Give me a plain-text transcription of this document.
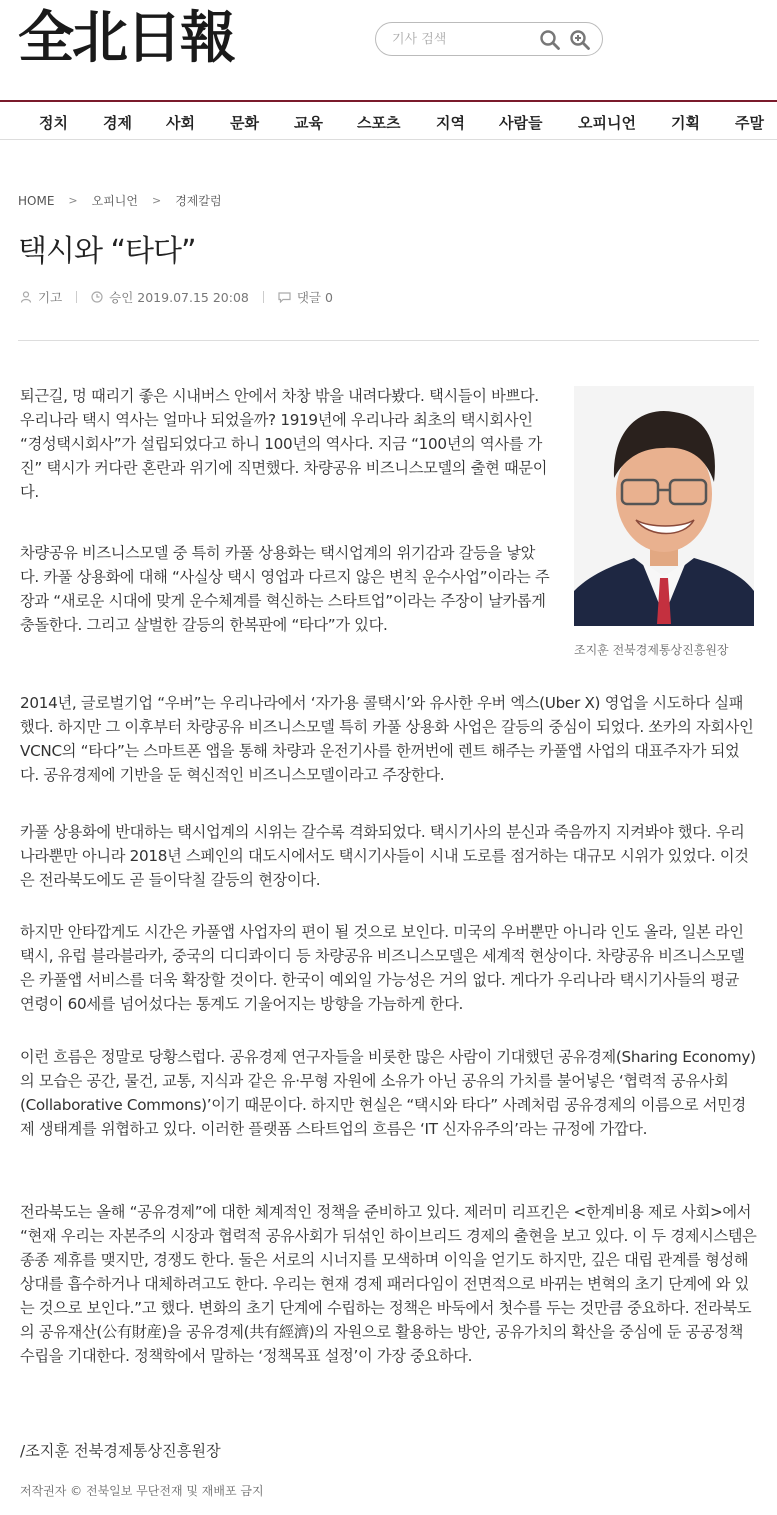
全北日報
기사 검색
정치 경제 사회 문화 교육 스포츠 지역 사람들 오피니언 기획 주말
HOME > 오피니언 > 경제칼럼
택시와 “타다”
기고	승인 2019.07.15 20:08	댓글 0
조지훈 전북경제통상진흥원장

퇴근길, 멍 때리기 좋은 시내버스 안에서 차창 밖을 내려다봤다. 택시들이 바쁘다. 우리나라 택시 역사는 얼마나 되었을까? 1919년에 우리나라 최초의 택시회사인 “경성택시회사”가 설립되었다고 하니 100년의 역사다. 지금 “100년의 역사를 가진” 택시가 커다란 혼란과 위기에 직면했다. 차량공유 비즈니스모델의 출현 때문이다.

차량공유 비즈니스모델 중 특히 카풀 상용화는 택시업계의 위기감과 갈등을 낳았다. 카풀 상용화에 대해 “사실상 택시 영업과 다르지 않은 변칙 운수사업”이라는 주장과 “새로운 시대에 맞게 운수체계를 혁신하는 스타트업”이라는 주장이 날카롭게 충돌한다. 그리고 살벌한 갈등의 한복판에 “타다”가 있다.

2014년, 글로벌기업 “우버”는 우리나라에서 ‘자가용 콜택시’와 유사한 우버 엑스(Uber X) 영업을 시도하다 실패했다. 하지만 그 이후부터 차량공유 비즈니스모델 특히 카풀 상용화 사업은 갈등의 중심이 되었다. 쏘카의 자회사인 VCNC의 “타다”는 스마트폰 앱을 통해 차량과 운전기사를 한꺼번에 렌트 해주는 카풀앱 사업의 대표주자가 되었다. 공유경제에 기반을 둔 혁신적인 비즈니스모델이라고 주장한다.

카풀 상용화에 반대하는 택시업계의 시위는 갈수록 격화되었다. 택시기사의 분신과 죽음까지 지켜봐야 했다. 우리나라뿐만 아니라 2018년 스페인의 대도시에서도 택시기사들이 시내 도로를 점거하는 대규모 시위가 있었다. 이것은 전라북도에도 곧 들이닥칠 갈등의 현장이다.

하지만 안타깝게도 시간은 카풀앱 사업자의 편이 될 것으로 보인다. 미국의 우버뿐만 아니라 인도 올라, 일본 라인택시, 유럽 블라블라카, 중국의 디디콰이디 등 차량공유 비즈니스모델은 세계적 현상이다. 차량공유 비즈니스모델은 카풀앱 서비스를 더욱 확장할 것이다. 한국이 예외일 가능성은 거의 없다. 게다가 우리나라 택시기사들의 평균 연령이 60세를 넘어섰다는 통계도 기울어지는 방향을 가늠하게 한다.

이런 흐름은 정말로 당황스럽다. 공유경제 연구자들을 비롯한 많은 사람이 기대했던 공유경제(Sharing Economy)의 모습은 공간, 물건, 교통, 지식과 같은 유·무형 자원에 소유가 아닌 공유의 가치를 불어넣은 ‘협력적 공유사회(Collaborative Commons)’이기 때문이다. 하지만 현실은 “택시와 타다” 사례처럼 공유경제의 이름으로 서민경제 생태계를 위협하고 있다. 이러한 플랫폼 스타트업의 흐름은 ‘IT 신자유주의’라는 규정에 가깝다.

전라북도는 올해 “공유경제”에 대한 체계적인 정책을 준비하고 있다. 제러미 리프킨은 <한계비용 제로 사회>에서 “현재 우리는 자본주의 시장과 협력적 공유사회가 뒤섞인 하이브리드 경제의 출현을 보고 있다. 이 두 경제시스템은 종종 제휴를 맺지만, 경쟁도 한다. 둘은 서로의 시너지를 모색하며 이익을 얻기도 하지만, 깊은 대립 관계를 형성해 상대를 흡수하거나 대체하려고도 한다. 우리는 현재 경제 패러다임이 전면적으로 바뀌는 변혁의 초기 단계에 와 있는 것으로 보인다.”고 했다. 변화의 초기 단계에 수립하는 정책은 바둑에서 첫수를 두는 것만큼 중요하다. 전라북도의 공유재산(公有財産)을 공유경제(共有經濟)의 자원으로 활용하는 방안, 공유가치의 확산을 중심에 둔 공공정책 수립을 기대한다. 정책학에서 말하는 ‘정책목표 설정’이 가장 중요하다.

/조지훈 전북경제통상진흥원장
저작권자 © 전북일보 무단전재 및 재배포 금지
